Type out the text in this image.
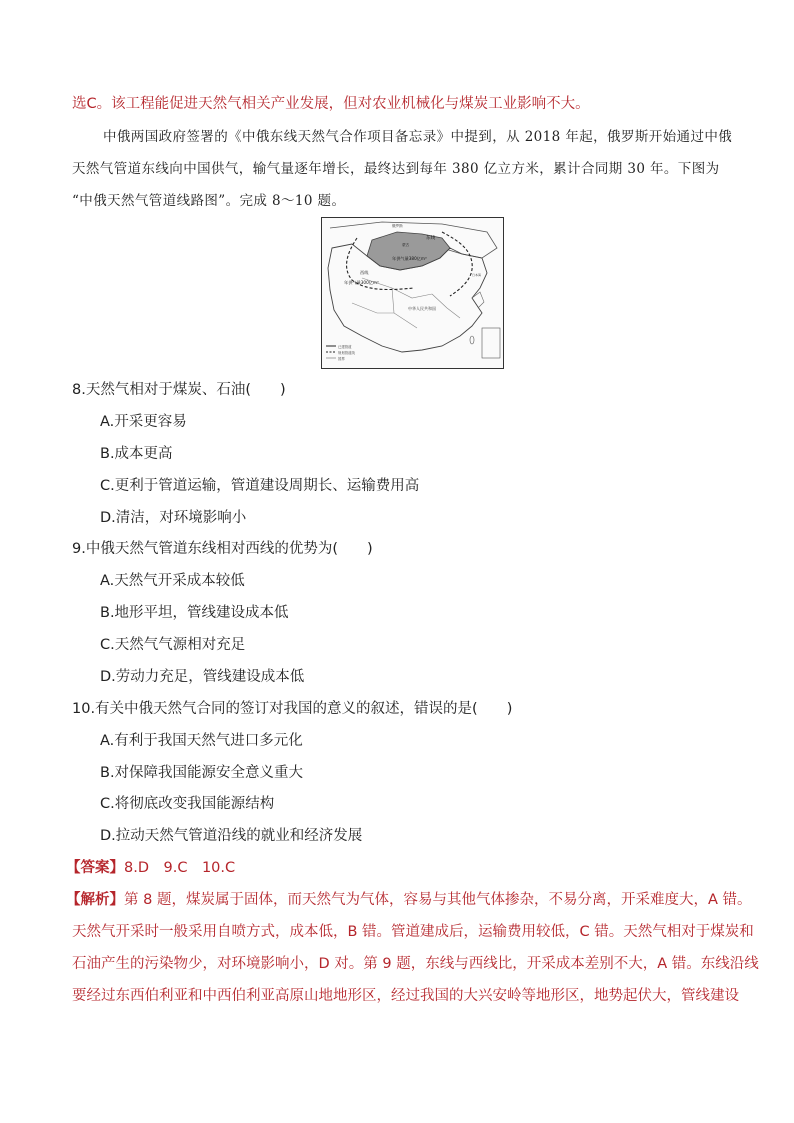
选C。该工程能促进天然气相关产业发展，但对农业机械化与煤炭工业影响不大。
中俄两国政府签署的《中俄东线天然气合作项目备忘录》中提到，从 2018 年起，俄罗斯开始通过中俄
天然气管道东线向中国供气，输气量逐年增长，最终达到每年 380 亿立方米，累计合同期 30 年。下图为
“中俄天然气管道线路图”。完成 8～10 题。
已建管道
规划管道线
国界
俄罗斯
蒙古
东线
年供气量380亿m³
西线
年供气量300亿m³
中华人民共和国
日本海
8.天然气相对于煤炭、石油(　　)
A.开采更容易
B.成本更高
C.更利于管道运输，管道建设周期长、运输费用高
D.清洁，对环境影响小
9.中俄天然气管道东线相对西线的优势为(　　)
A.天然气开采成本较低
B.地形平坦，管线建设成本低
C.天然气气源相对充足
D.劳动力充足，管线建设成本低
10.有关中俄天然气合同的签订对我国的意义的叙述，错误的是(　　)
A.有利于我国天然气进口多元化
B.对保障我国能源安全意义重大
C.将彻底改变我国能源结构
D.拉动天然气管道沿线的就业和经济发展
【答案】8.D　9.C　10.C
【解析】第 8 题，煤炭属于固体，而天然气为气体，容易与其他气体掺杂，不易分离，开采难度大，A 错。
天然气开采时一般采用自喷方式，成本低，B 错。管道建成后，运输费用较低，C 错。天然气相对于煤炭和
石油产生的污染物少，对环境影响小，D 对。第 9 题，东线与西线比，开采成本差别不大，A 错。东线沿线
要经过东西伯利亚和中西伯利亚高原山地地形区，经过我国的大兴安岭等地形区，地势起伏大，管线建设
